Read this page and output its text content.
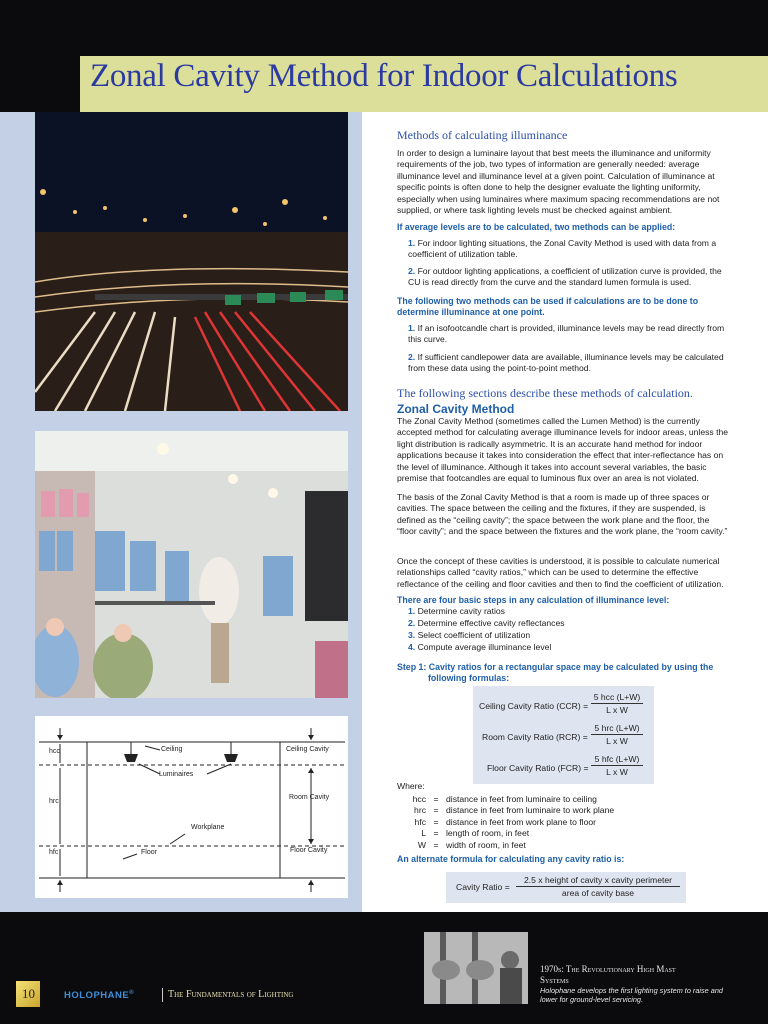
Zonal Cavity Method for Indoor Calculations
hcc
hrc
hfc
Ceiling
Luminaires
Workplane
Floor
Ceiling Cavity
Room Cavity
Floor Cavity
Methods of calculating illuminance
In order to design a luminaire layout that best meets the illuminance and uniformity requirements of the job, two types of information are generally needed: average illuminance level and illuminance level at a given point. Calculation of illuminance at specific points is often done to help the designer evaluate the lighting uniformity, especially when using luminaires where maximum spacing recommendations are not supplied, or where task lighting levels must be checked against ambient.
If average levels are to be calculated, two methods can be applied:
1. For indoor lighting situations, the Zonal Cavity Method is used with data from a coefficient of utilization table.
2. For outdoor lighting applications, a coefficient of utilization curve is provided, the CU is read directly from the curve and the standard lumen formula is used.
The following two methods can be used if calculations are to be done to determine illuminance at one point.
1. If an isofootcandle chart is provided, illuminance levels may be read directly from this curve.
2. If sufficient candlepower data are available, illuminance levels may be calculated from these data using the point-to-point method.
The following sections describe these methods of calculation.
Zonal Cavity Method
The Zonal Cavity Method (sometimes called the Lumen Method) is the currently accepted method for calculating average illuminance levels for indoor areas, unless the light distribution is radically asymmetric. It is an accurate hand method for indoor applications because it takes into consideration the effect that inter-reflectance has on the level of illuminance. Although it takes into account several variables, the basic premise that footcandles are equal to luminous flux over an area is not violated.
The basis of the Zonal Cavity Method is that a room is made up of three spaces or cavities. The space between the ceiling and the fixtures, if they are suspended, is defined as the “ceiling cavity”; the space between the work plane and the floor, the “floor cavity”; and the space between the fixtures and the work plane, the “room cavity.”
Once the concept of these cavities is understood, it is possible to calculate numerical relationships called “cavity ratios,” which can be used to determine the effective reflectance of the ceiling and floor cavities and then to find the coefficient of utilization.
There are four basic steps in any calculation of illuminance level:
1. Determine cavity ratios
2. Determine effective cavity reflectances
3. Select coefficient of utilization
4. Compute average illuminance level
Step 1: Cavity ratios for a rectangular space may be calculated by using the
following formulas:
Ceiling Cavity Ratio (CCR) =
5 hcc (L+W)
L x W
Room Cavity Ratio (RCR) =
5 hrc (L+W)
L x W
Floor Cavity Ratio (FCR) =
5 hfc (L+W)
L x W
Where:
hcc = distance in feet from luminaire to ceiling
hrc = distance in feet from luminaire to work plane
hfc = distance in feet from work plane to floor
L = length of room, in feet
W = width of room, in feet
An alternate formula for calculating any cavity ratio is:
Cavity Ratio =
2.5 x height of cavity x cavity perimeter
area of cavity base
10	HOLOPHANE®	The Fundamentals of Lighting
1970s: The Revolutionary High Mast
Systems
Holophane develops the first lighting system to raise and lower for ground-level servicing.
